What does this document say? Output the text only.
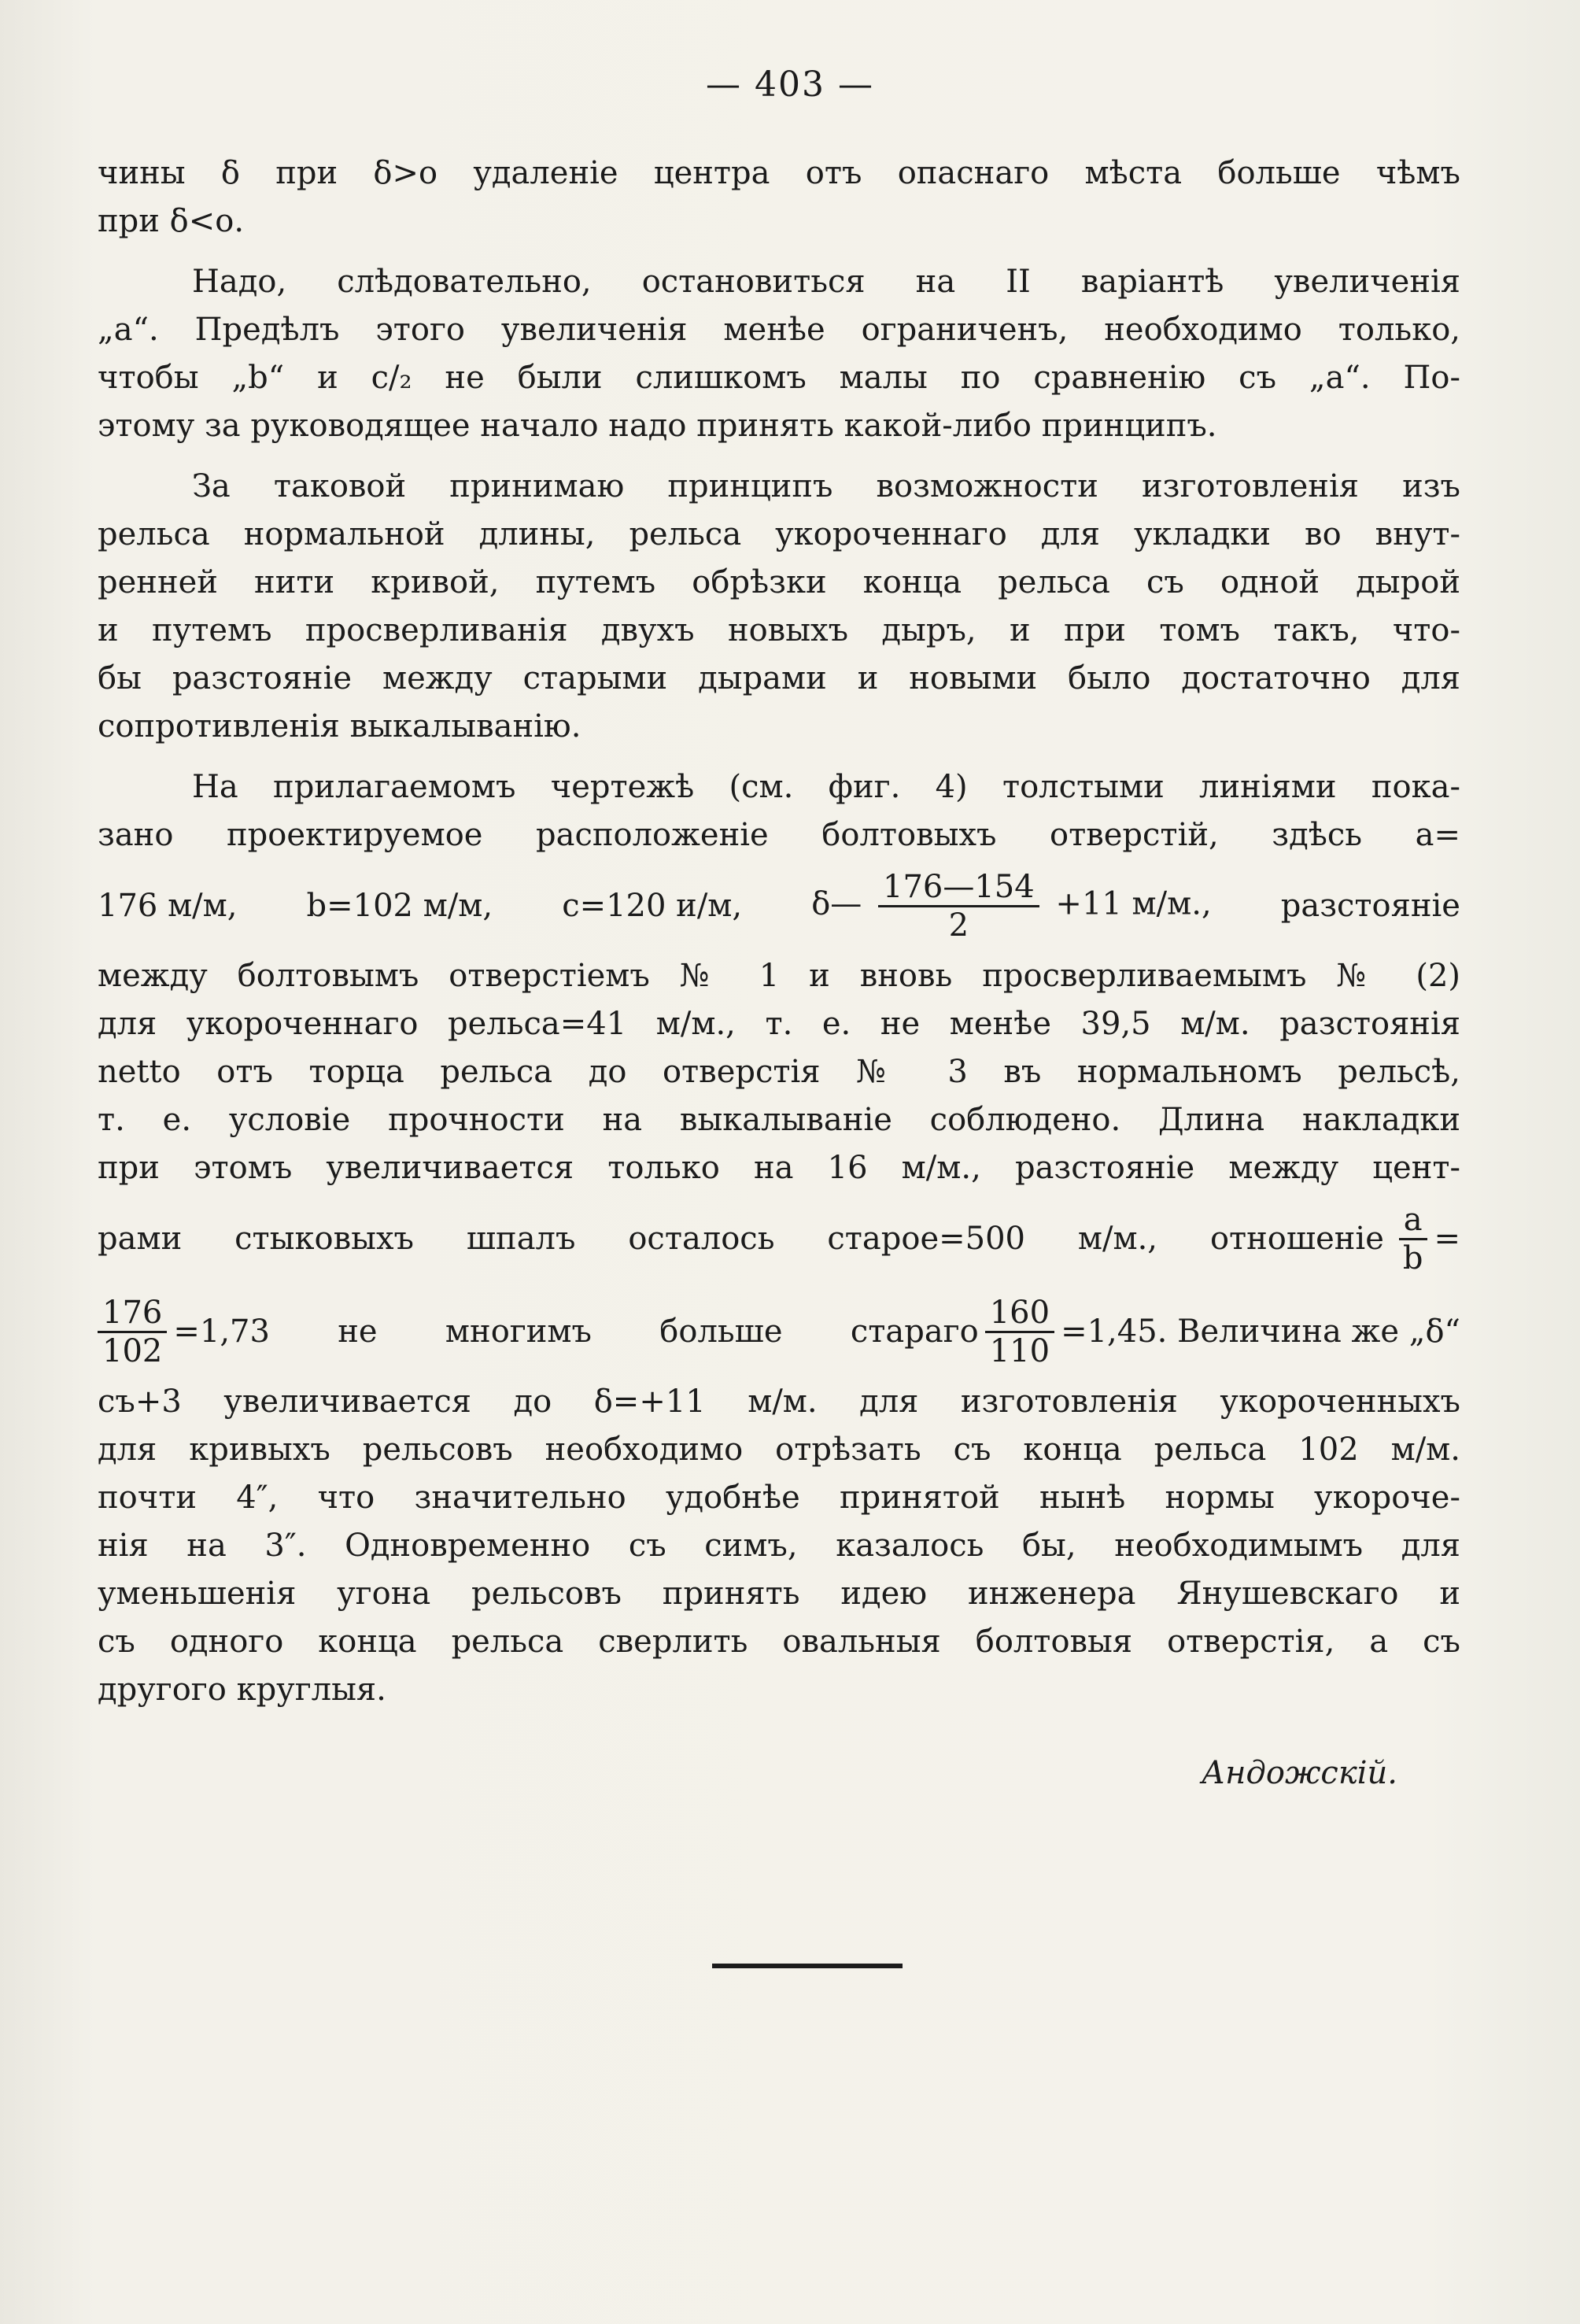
— 403 —
чины δ при δ>о удаленіе центра отъ опаснаго мѣста больше чѣмъ
при δ<о.
Надо, слѣдовательно, остановиться на II варіантѣ увеличенія
„а“. Предѣлъ этого увеличенія менѣе ограниченъ, необходимо только,
чтобы „b“ и с/₂ не были слишкомъ малы по сравненію съ „а“. По-
этому за руководящее начало надо принять какой-либо принципъ.
За таковой принимаю принципъ возможности изготовленія изъ
рельса нормальной длины, рельса укороченнаго для укладки во внут-
ренней нити кривой, путемъ обрѣзки конца рельса съ одной дырой
и путемъ просверливанія двухъ новыхъ дыръ, и при томъ такъ, что-
бы разстояніе между старыми дырами и новыми было достаточно для
сопротивленія выкалыванію.
На прилагаемомъ чертежѣ (см. фиг. 4) толстыми линіями пока-
зано проектируемое расположеніе болтовыхъ отверстій, здѣсь а=
176 м/м, b=102 м/м, с=120 и/м, δ— $\frac{176—154}{2} +11$ м/м., разстояніе
между болтовымъ отверстіемъ № 1 и вновь просверливаемымъ № (2)
для укороченнаго рельса=41 м/м., т. е. не менѣе 39,5 м/м. разстоянія
netto отъ торца рельса до отверстія № 3 въ нормальномъ рельсѣ,
т. е. условіе прочности на выкалываніе соблюдено. Длина накладки
при этомъ увеличивается только на 16 м/м., разстояніе между цент-
рами стыковыхъ шпалъ осталось старое=500 м/м., отношеніе $\frac{a}{b}$ =
$\frac{176}{102} =1,73$ не многимъ больше стараго $\frac{160}{110} =1,45$. Величина же „δ“
съ+3 увеличивается до δ=+11 м/м. для изготовленія укороченныхъ
для кривыхъ рельсовъ необходимо отрѣзать съ конца рельса 102 м/м.
почти 4″, что значительно удобнѣе принятой нынѣ нормы укороче-
нія на 3″. Одновременно съ симъ, казалось бы, необходимымъ для
уменьшенія угона рельсовъ принять идею инженера Янушевскаго и
съ одного конца рельса сверлить овальныя болтовыя отверстія, а съ
другого круглыя.
Андожскій.
